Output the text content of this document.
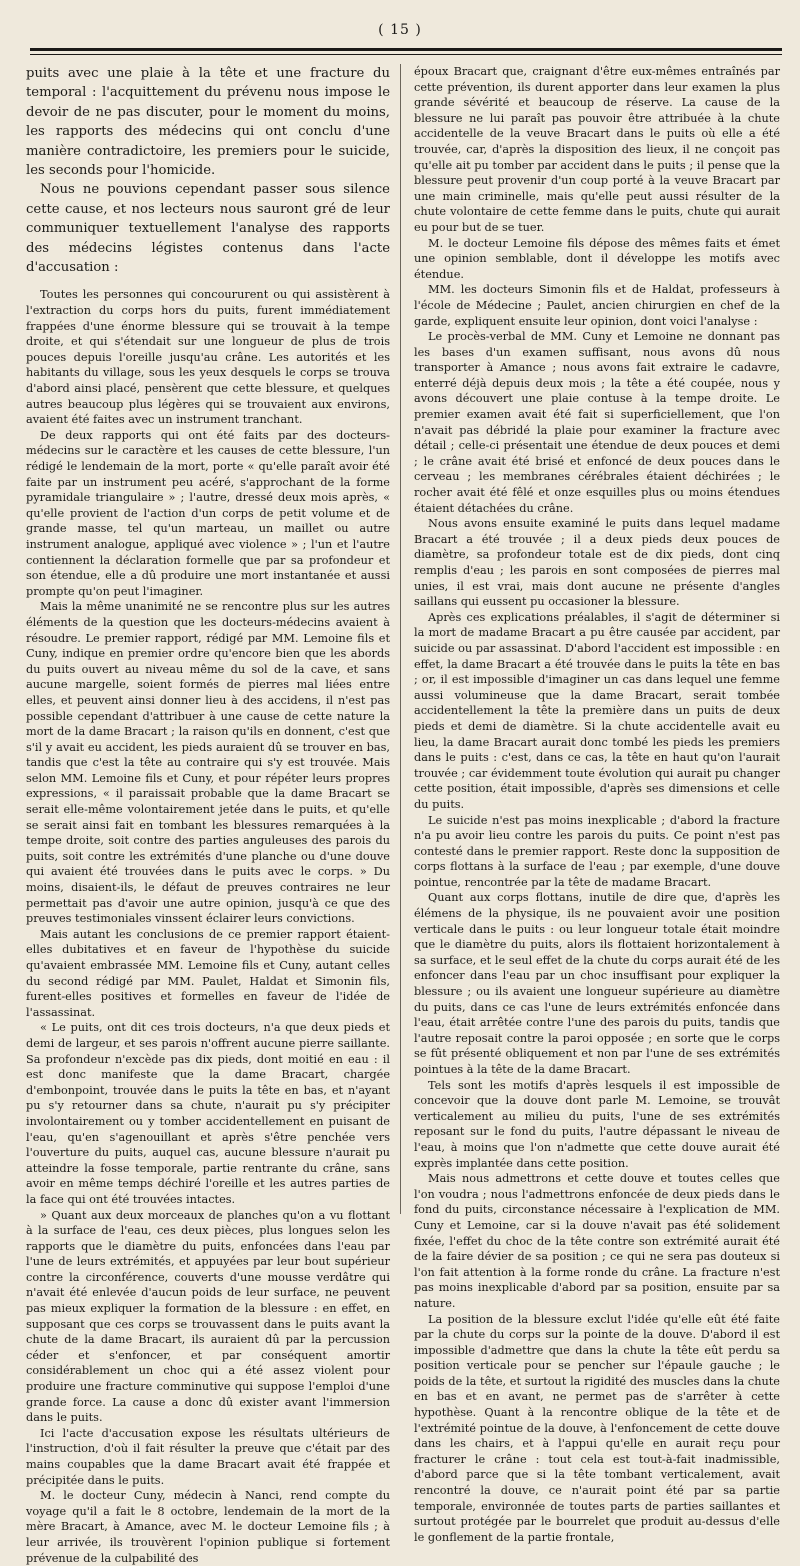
( 15 )

puits avec une plaie à la tête et une fracture du temporal : l'acquittement du prévenu nous impose le devoir de ne pas discuter, pour le moment du moins, les rapports des médecins qui ont conclu d'une manière contradictoire, les premiers pour le suicide, les seconds pour l'homicide.

Nous ne pouvions cependant passer sous silence cette cause, et nos lecteurs nous sauront gré de leur communiquer textuellement l'analyse des rapports des médecins légistes contenus dans l'acte d'accusation :

Toutes les personnes qui concoururent ou qui assistèrent à l'extraction du corps hors du puits, furent immédiatement frappées d'une énorme blessure qui se trouvait à la tempe droite, et qui s'étendait sur une longueur de plus de trois pouces depuis l'oreille jusqu'au crâne. Les autorités et les habitants du village, sous les yeux desquels le corps se trouva d'abord ainsi placé, pensèrent que cette blessure, et quelques autres beaucoup plus légères qui se trouvaient aux environs, avaient été faites avec un instrument tranchant.

De deux rapports qui ont été faits par des docteurs-médecins sur le caractère et les causes de cette blessure, l'un rédigé le lendemain de la mort, porte « qu'elle paraît avoir été faite par un instrument peu acéré, s'approchant de la forme pyramidale triangulaire » ; l'autre, dressé deux mois après, « qu'elle provient de l'action d'un corps de petit volume et de grande masse, tel qu'un marteau, un maillet ou autre instrument analogue, appliqué avec violence » ; l'un et l'autre contiennent la déclaration formelle que par sa profondeur et son étendue, elle a dû produire une mort instantanée et aussi prompte qu'on peut l'imaginer.

Mais la même unanimité ne se rencontre plus sur les autres éléments de la question que les docteurs-médecins avaient à résoudre. Le premier rapport, rédigé par MM. Lemoine fils et Cuny, indique en premier ordre qu'encore bien que les abords du puits ouvert au niveau même du sol de la cave, et sans aucune margelle, soient formés de pierres mal liées entre elles, et peuvent ainsi donner lieu à des accidens, il n'est pas possible cependant d'attribuer à une cause de cette nature la mort de la dame Bracart ; la raison qu'ils en donnent, c'est que s'il y avait eu accident, les pieds auraient dû se trouver en bas, tandis que c'est la tête au contraire qui s'y est trouvée. Mais selon MM. Lemoine fils et Cuny, et pour répéter leurs propres expressions, « il paraissait probable que la dame Bracart se serait elle-même volontairement jetée dans le puits, et qu'elle se serait ainsi fait en tombant les blessures remarquées à la tempe droite, soit contre des parties anguleuses des parois du puits, soit contre les extrémités d'une planche ou d'une douve qui avaient été trouvées dans le puits avec le corps. » Du moins, disaient-ils, le défaut de preuves contraires ne leur permettait pas d'avoir une autre opinion, jusqu'à ce que des preuves testimoniales vinssent éclairer leurs convictions.

Mais autant les conclusions de ce premier rapport étaient-elles dubitatives et en faveur de l'hypothèse du suicide qu'avaient embrassée MM. Lemoine fils et Cuny, autant celles du second rédigé par MM. Paulet, Haldat et Simonin fils, furent-elles positives et formelles en faveur de l'idée de l'assassinat.

« Le puits, ont dit ces trois docteurs, n'a que deux pieds et demi de largeur, et ses parois n'offrent aucune pierre saillante. Sa profondeur n'excède pas dix pieds, dont moitié en eau : il est donc manifeste que la dame Bracart, chargée d'embonpoint, trouvée dans le puits la tête en bas, et n'ayant pu s'y retourner dans sa chute, n'aurait pu s'y précipiter involontairement ou y tomber accidentellement en puisant de l'eau, qu'en s'agenouillant et après s'être penchée vers l'ouverture du puits, auquel cas, aucune blessure n'aurait pu atteindre la fosse temporale, partie rentrante du crâne, sans avoir en même temps déchiré l'oreille et les autres parties de la face qui ont été trouvées intactes.

» Quant aux deux morceaux de planches qu'on a vu flottant à la surface de l'eau, ces deux pièces, plus longues selon les rapports que le diamètre du puits, enfoncées dans l'eau par l'une de leurs extrémités, et appuyées par leur bout supérieur contre la circonférence, couverts d'une mousse verdâtre qui n'avait été enlevée d'aucun poids de leur surface, ne peuvent pas mieux expliquer la formation de la blessure : en effet, en supposant que ces corps se trouvassent dans le puits avant la chute de la dame Bracart, ils auraient dû par la percussion céder et s'enfoncer, et par conséquent amortir considérablement un choc qui a été assez violent pour produire une fracture comminutive qui suppose l'emploi d'une grande force. La cause a donc dû exister avant l'immersion dans le puits.

Ici l'acte d'accusation expose les résultats ultérieurs de l'instruction, d'où il fait résulter la preuve que c'était par des mains coupables que la dame Bracart avait été frappée et précipitée dans le puits.

M. le docteur Cuny, médecin à Nanci, rend compte du voyage qu'il a fait le 8 octobre, lendemain de la mort de la mère Bracart, à Amance, avec M. le docteur Lemoine fils ; à leur arrivée, ils trouvèrent l'opinion publique si fortement prévenue de la culpabilité des

époux Bracart que, craignant d'être eux-mêmes entraînés par cette prévention, ils durent apporter dans leur examen la plus grande sévérité et beaucoup de réserve. La cause de la blessure ne lui paraît pas pouvoir être attribuée à la chute accidentelle de la veuve Bracart dans le puits où elle a été trouvée, car, d'après la disposition des lieux, il ne conçoit pas qu'elle ait pu tomber par accident dans le puits ; il pense que la blessure peut provenir d'un coup porté à la veuve Bracart par une main criminelle, mais qu'elle peut aussi résulter de la chute volontaire de cette femme dans le puits, chute qui aurait eu pour but de se tuer.

M. le docteur Lemoine fils dépose des mêmes faits et émet une opinion semblable, dont il développe les motifs avec étendue.

MM. les docteurs Simonin fils et de Haldat, professeurs à l'école de Médecine ; Paulet, ancien chirurgien en chef de la garde, expliquent ensuite leur opinion, dont voici l'analyse :

Le procès-verbal de MM. Cuny et Lemoine ne donnant pas les bases d'un examen suffisant, nous avons dû nous transporter à Amance ; nous avons fait extraire le cadavre, enterré déjà depuis deux mois ; la tête a été coupée, nous y avons découvert une plaie contuse à la tempe droite. Le premier examen avait été fait si superficiellement, que l'on n'avait pas débridé la plaie pour examiner la fracture avec détail ; celle-ci présentait une étendue de deux pouces et demi ; le crâne avait été brisé et enfoncé de deux pouces dans le cerveau ; les membranes cérébrales étaient déchirées ; le rocher avait été fêlé et onze esquilles plus ou moins étendues étaient détachées du crâne.

Nous avons ensuite examiné le puits dans lequel madame Bracart a été trouvée ; il a deux pieds deux pouces de diamètre, sa profondeur totale est de dix pieds, dont cinq remplis d'eau ; les parois en sont composées de pierres mal unies, il est vrai, mais dont aucune ne présente d'angles saillans qui eussent pu occasioner la blessure.

Après ces explications préalables, il s'agit de déterminer si la mort de madame Bracart a pu être causée par accident, par suicide ou par assassinat. D'abord l'accident est impossible : en effet, la dame Bracart a été trouvée dans le puits la tête en bas ; or, il est impossible d'imaginer un cas dans lequel une femme aussi volumineuse que la dame Bracart, serait tombée accidentellement la tête la première dans un puits de deux pieds et demi de diamètre. Si la chute accidentelle avait eu lieu, la dame Bracart aurait donc tombé les pieds les premiers dans le puits : c'est, dans ce cas, la tête en haut qu'on l'aurait trouvée ; car évidemment toute évolution qui aurait pu changer cette position, était impossible, d'après ses dimensions et celle du puits.

Le suicide n'est pas moins inexplicable ; d'abord la fracture n'a pu avoir lieu contre les parois du puits. Ce point n'est pas contesté dans le premier rapport. Reste donc la supposition de corps flottans à la surface de l'eau ; par exemple, d'une douve pointue, rencontrée par la tête de madame Bracart.

Quant aux corps flottans, inutile de dire que, d'après les élémens de la physique, ils ne pouvaient avoir une position verticale dans le puits : ou leur longueur totale était moindre que le diamètre du puits, alors ils flottaient horizontalement à sa surface, et le seul effet de la chute du corps aurait été de les enfoncer dans l'eau par un choc insuffisant pour expliquer la blessure ; ou ils avaient une longueur supérieure au diamètre du puits, dans ce cas l'une de leurs extrémités enfoncée dans l'eau, était arrêtée contre l'une des parois du puits, tandis que l'autre reposait contre la paroi opposée ; en sorte que le corps se fût présenté obliquement et non par l'une de ses extrémités pointues à la tête de la dame Bracart.

Tels sont les motifs d'après lesquels il est impossible de concevoir que la douve dont parle M. Lemoine, se trouvât verticalement au milieu du puits, l'une de ses extrémités reposant sur le fond du puits, l'autre dépassant le niveau de l'eau, à moins que l'on n'admette que cette douve aurait été exprès implantée dans cette position.

Mais nous admettrons et cette douve et toutes celles que l'on voudra ; nous l'admettrons enfoncée de deux pieds dans le fond du puits, circonstance nécessaire à l'explication de MM. Cuny et Lemoine, car si la douve n'avait pas été solidement fixée, l'effet du choc de la tête contre son extrémité aurait été de la faire dévier de sa position ; ce qui ne sera pas douteux si l'on fait attention à la forme ronde du crâne. La fracture n'est pas moins inexplicable d'abord par sa position, ensuite par sa nature.

La position de la blessure exclut l'idée qu'elle eût été faite par la chute du corps sur la pointe de la douve. D'abord il est impossible d'admettre que dans la chute la tête eût perdu sa position verticale pour se pencher sur l'épaule gauche ; le poids de la tête, et surtout la rigidité des muscles dans la chute en bas et en avant, ne permet pas de s'arrêter à cette hypothèse. Quant à la rencontre oblique de la tête et de l'extrémité pointue de la douve, à l'enfoncement de cette douve dans les chairs, et à l'appui qu'elle en aurait reçu pour fracturer le crâne : tout cela est tout-à-fait inadmissible, d'abord parce que si la tête tombant verticalement, avait rencontré la douve, ce n'aurait point été par sa partie temporale, environnée de toutes parts de parties saillantes et surtout protégée par le bourrelet que produit au-dessus d'elle le gonflement de la partie frontale,
